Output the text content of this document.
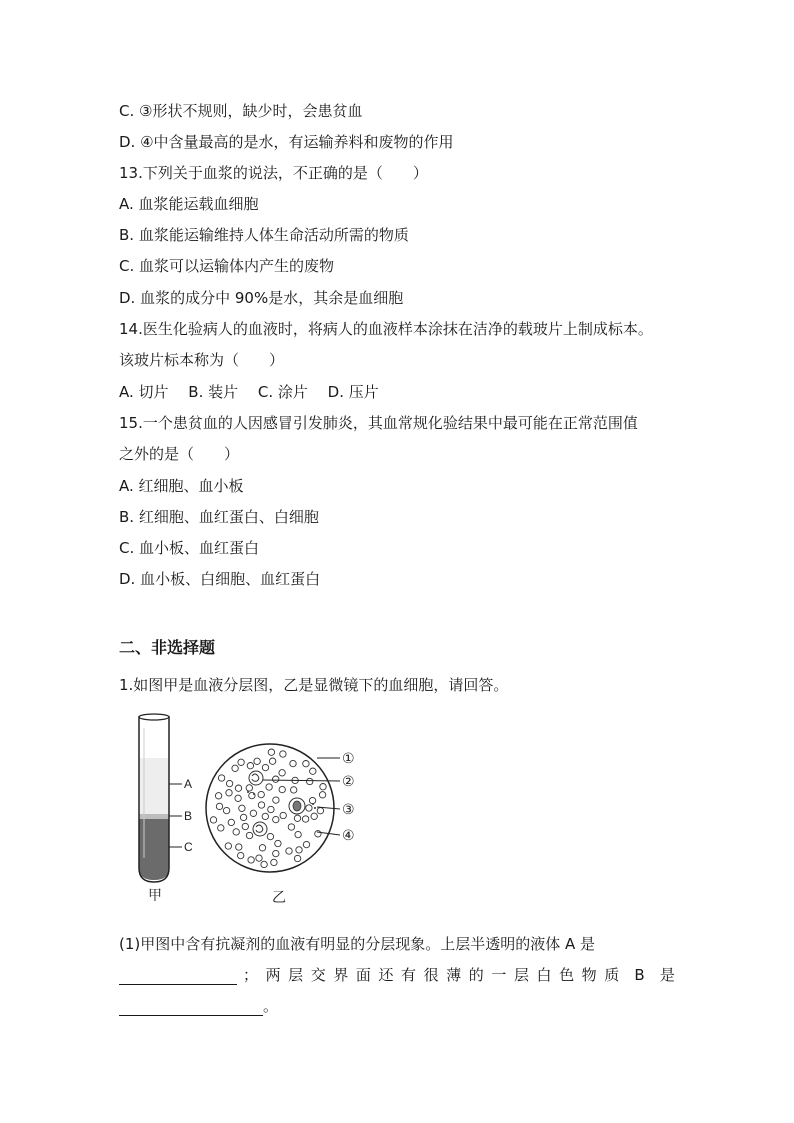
C. ③形状不规则，缺少时，会患贫血
D. ④中含量最高的是水，有运输养料和废物的作用
13.下列关于血浆的说法，不正确的是（　　）
A. 血浆能运载血细胞
B. 血浆能运输维持人体生命活动所需的物质
C. 血浆可以运输体内产生的废物
D. 血浆的成分中 90%是水，其余是血细胞
14.医生化验病人的血液时，将病人的血液样本涂抹在洁净的载玻片上制成标本。
该玻片标本称为（　　）
A. 切片　 B. 装片　 C. 涂片　 D. 压片
15.一个患贫血的人因感冒引发肺炎，其血常规化验结果中最可能在正常范围值
之外的是（　　）
A. 红细胞、血小板
B. 红细胞、血红蛋白、白细胞
C. 血小板、血红蛋白
D. 血小板、白细胞、血红蛋白
二、非选择题
1.如图甲是血液分层图，乙是显微镜下的血细胞，请回答。
A
B
C
甲
①
②
③
④
乙
(1)甲图中含有抗凝剂的血液有明显的分层现象。上层半透明的液体 A 是
； 两 层 交 界 面 还 有 很 薄 的 一 层 白 色 物 质 B 是
。
